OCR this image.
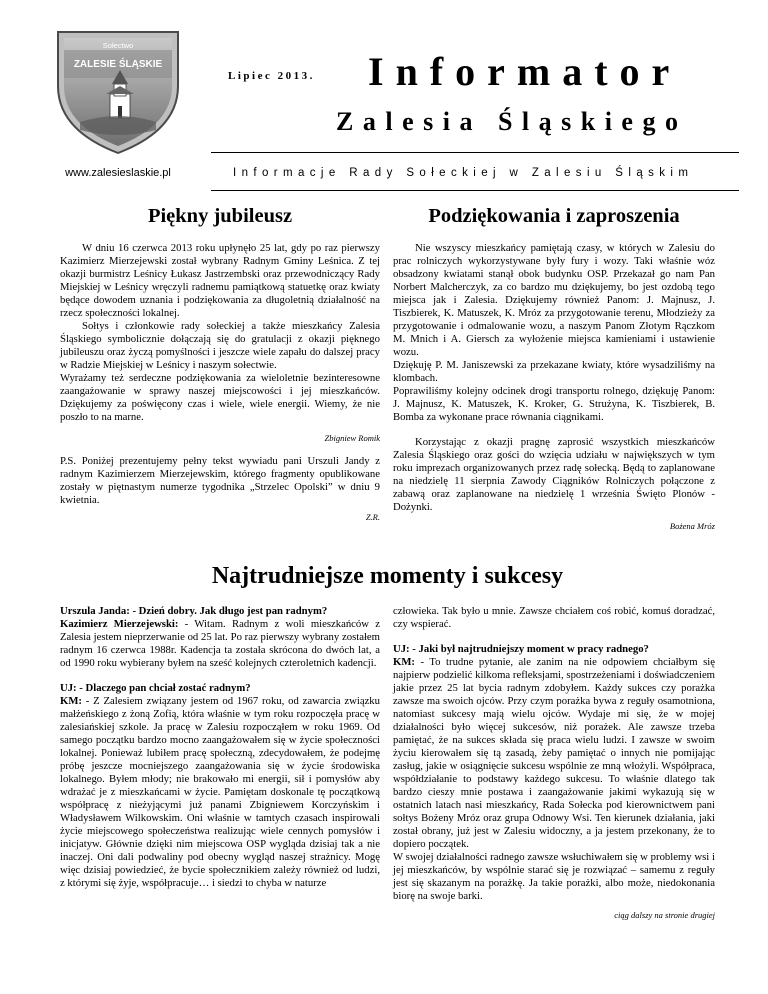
Sołectwo
ZALESIE ŚLĄSKIE
www.zalesieslaskie.pl
Lipiec 2013. Informator
Zalesia Śląskiego
Informacje Rady Sołeckiej w Zalesiu Śląskim
Piękny jubileusz

W dniu 16 czerwca 2013 roku upłynęło 25 lat, gdy po raz pierwszy Kazimierz Mierzejewski został wybrany Radnym Gminy Leśnica. Z tej okazji burmistrz Leśnicy Łukasz Jastrzembski oraz przewodniczący Rady Miejskiej w Leśnicy wręczyli radnemu pamiątkową statuetkę oraz kwiaty będące dowodem uznania i podziękowania za długoletnią działalność na rzecz społeczności lokalnej.

Sołtys i członkowie rady sołeckiej a także mieszkańcy Zalesia Śląskiego symbolicznie dołączają się do gratulacji z okazji pięknego jubileuszu oraz życzą pomyślności i jeszcze wiele zapału do dalszej pracy w Radzie Miejskiej w Leśnicy i naszym sołectwie.

Wyrażamy też serdeczne podziękowania za wieloletnie bezinteresowne zaangażowanie w sprawy naszej miejscowości i jej mieszkańców. Dziękujemy za poświęcony czas i wiele, wiele energii. Wiemy, że nie poszło to na marne.

Zbigniew Romik

P.S. Poniżej prezentujemy pełny tekst wywiadu pani Urszuli Jandy z radnym Kazimierzem Mierzejewskim, którego fragmenty opublikowane zostały w piętnastym numerze tygodnika „Strzelec Opolski” w dniu 9 kwietnia.

Z.R.
Podziękowania i zaproszenia

Nie wszyscy mieszkańcy pamiętają czasy, w których w Zalesiu do prac rolniczych wykorzystywane były fury i wozy. Taki właśnie wóz obsadzony kwiatami stanął obok budynku OSP. Przekazał go nam Pan Norbert Malcherczyk, za co bardzo mu dziękujemy, bo jest ozdobą tego miejsca jak i Zalesia. Dziękujemy również Panom: J. Majnusz, J. Tiszbierek, K. Matuszek, K. Mróz za przygotowanie terenu, Młodzieży za przygotowanie i odmalowanie wozu, a naszym Panom Złotym Rączkom M. Mnich i A. Giersch za wyłożenie miejsca kamieniami i ustawienie wozu.

Dziękuję P. M. Janiszewski za przekazane kwiaty, które wysadziliśmy na klombach.

Poprawiliśmy kolejny odcinek drogi transportu rolnego, dziękuję Panom: J. Majnusz, K. Matuszek, K. Kroker, G. Strużyna, K. Tiszbierek, B. Bomba za wykonane prace równania ciągnikami.

Korzystając z okazji pragnę zaprosić wszystkich mieszkańców Zalesia Śląskiego oraz gości do wzięcia udziału w największych w tym roku imprezach organizowanych przez radę sołecką. Będą to zaplanowane na niedzielę 11 sierpnia Zawody Ciągników Rolniczych połączone z zabawą oraz zaplanowane na niedzielę 1 września Święto Plonów - Dożynki.

Bożena Mróz
Najtrudniejsze momenty i sukcesy

Urszula Janda: - Dzień dobry. Jak długo jest pan radnym?

Kazimierz Mierzejewski: - Witam. Radnym z woli mieszkańców z Zalesia jestem nieprzerwanie od 25 lat. Po raz pierwszy wybrany zostałem radnym 16 czerwca 1988r. Kadencja ta została skrócona do dwóch lat, a od 1990 roku wybierany byłem na sześć kolejnych czteroletnich kadencji.

UJ: - Dlaczego pan chciał zostać radnym?

KM: - Z Zalesiem związany jestem od 1967 roku, od zawarcia związku małżeńskiego z żoną Zofią, która właśnie w tym roku rozpoczęła pracę w zalesiańskiej szkole. Ja pracę w Zalesiu rozpocząłem w roku 1969. Od samego początku bardzo mocno zaangażowałem się w życie społeczności lokalnej. Ponieważ lubiłem pracę społeczną, zdecydowałem, że podejmę próbę jeszcze mocniejszego zaangażowania się w życie środowiska lokalnego. Byłem młody; nie brakowało mi energii, sił i pomysłów aby wdrażać je z mieszkańcami w życie. Pamiętam doskonale tę początkową współpracę z nieżyjącymi już panami Zbigniewem Korczyńskim i Władysławem Wilkowskim. Oni właśnie w tamtych czasach inspirowali życie miejscowego społeczeństwa realizując wiele cennych pomysłów i inicjatyw. Głównie dzięki nim miejscowa OSP wygląda dzisiaj tak a nie inaczej. Oni dali podwaliny pod obecny wygląd naszej strażnicy. Mogę więc dzisiaj powiedzieć, że bycie społecznikiem zależy również od ludzi, z którymi się żyje, współpracuje… i siedzi to chyba w naturze

człowieka. Tak było u mnie. Zawsze chciałem coś robić, komuś doradzać, czy wspierać.

UJ: - Jaki był najtrudniejszy moment w pracy radnego?

KM: - To trudne pytanie, ale zanim na nie odpowiem chciałbym się najpierw podzielić kilkoma refleksjami, spostrzeżeniami i doświadczeniem jakie przez 25 lat bycia radnym zdobyłem. Każdy sukces czy porażka zawsze ma swoich ojców. Przy czym porażka bywa z reguły osamotniona, natomiast sukcesy mają wielu ojców. Wydaje mi się, że w mojej działalności było więcej sukcesów, niż porażek. Ale zawsze trzeba pamiętać, że na sukces składa się praca wielu ludzi. I zawsze w swoim życiu kierowałem się tą zasadą, żeby pamiętać o innych nie pomijając zasług, jakie w osiągnięcie sukcesu wspólnie ze mną włożyli. Współpraca, współdziałanie to podstawy każdego sukcesu. To właśnie dlatego tak bardzo cieszy mnie postawa i zaangażowanie jakimi wykazują się w ostatnich latach nasi mieszkańcy, Rada Sołecka pod kierownictwem pani sołtys Bożeny Mróz oraz grupa Odnowy Wsi. Ten kierunek działania, jaki został obrany, już jest w Zalesiu widoczny, a ja jestem przekonany, że to dopiero początek.

W swojej działalności radnego zawsze wsłuchiwałem się w problemy wsi i jej mieszkańców, by wspólnie starać się je rozwiązać – samemu z reguły jest się skazanym na porażkę. Ja takie porażki, albo może, niedokonania biorę na swoje barki.

ciąg dalszy na stronie drugiej
